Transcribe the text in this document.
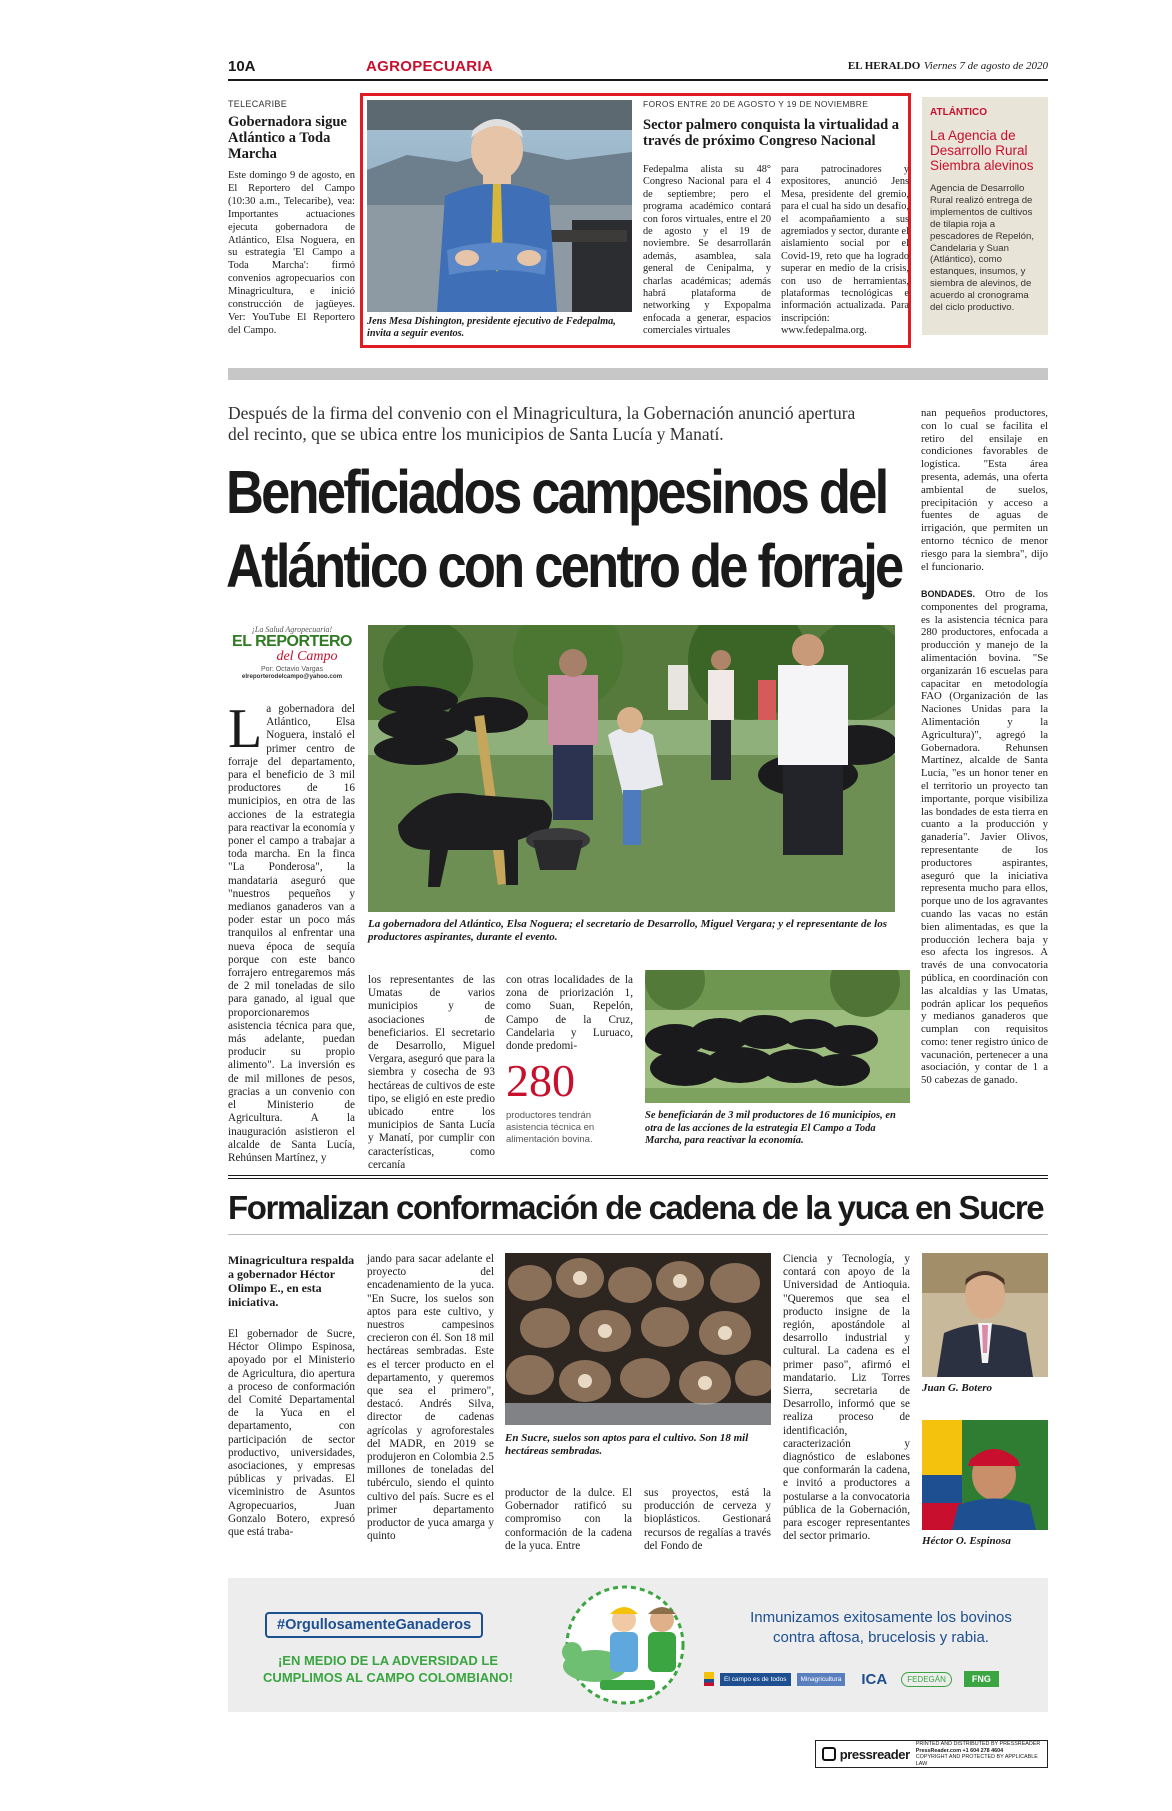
10A	AGROPECUARIA	EL HERALDO Viernes 7 de agosto de 2020
TELECARIBE
Gobernadora sigue Atlántico a Toda Marcha
Este domingo 9 de agosto, en El Reportero del Campo (10:30 a.m., Telecaribe), vea: Importantes actuaciones ejecuta gobernadora de Atlántico, Elsa Noguera, en su estrategia 'El Campo a Toda Marcha': firmó convenios agropecuarios con Minagricultura, e inició construcción de jagüeyes. Ver: YouTube El Reportero del Campo.
Jens Mesa Dishington, presidente ejecutivo de Fedepalma, invita a seguir eventos.
FOROS ENTRE 20 DE AGOSTO Y 19 DE NOVIEMBRE
Sector palmero conquista la virtualidad a través de próximo Congreso Nacional
Fedepalma alista su 48° Congreso Nacional para el 4 de septiembre; pero el programa académico contará con foros virtuales, entre el 20 de agosto y el 19 de noviembre. Se desarrollarán además, asamblea, sala general de Cenipalma, y charlas académicas; además habrá plataforma de networking y Expopalma enfocada a generar, espacios comerciales virtuales
para patrocinadores y expositores, anunció Jens Mesa, presidente del gremio, para el cual ha sido un desafío, el acompañamiento a sus agremiados y sector, durante el aislamiento social por el Covid-19, reto que ha logrado superar en medio de la crisis, con uso de herramientas, plataformas tecnológicas e información actualizada. Para inscripción: www.fedepalma.org.
ATLÁNTICO
La Agencia de Desarrollo Rural Siembra alevinos
Agencia de Desarrollo Rural realizó entrega de implementos de cultivos de tilapia roja a pescadores de Repelón, Candelaria y Suan (Atlántico), como estanques, insumos, y siembra de alevinos, de acuerdo al cronograma del ciclo productivo.
Después de la firma del convenio con el Minagricultura, la Gobernación anunció apertura del recinto, que se ubica entre los municipios de Santa Lucía y Manatí.
Beneficiados campesinos del
Atlántico con centro de forraje
¡La Salud Agropecuaria!
EL REPORTERO
del Campo
Por: Octavio Vargas
elreporterodelcampo@yahoo.com
L a gobernadora del Atlántico, Elsa Noguera, instaló el primer centro de forraje del departamento, para el beneficio de 3 mil productores de 16 municipios, en otra de las acciones de la estrategia para reactivar la economía y poner el campo a trabajar a toda marcha. En la finca "La Ponderosa", la mandataria aseguró que "nuestros pequeños y medianos ganaderos van a poder estar un poco más tranquilos al enfrentar una nueva época de sequía porque con este banco forrajero entregaremos más de 2 mil toneladas de silo para ganado, al igual que proporcionaremos asistencia técnica para que, más adelante, puedan producir su propio alimento". La inversión es de mil millones de pesos, gracias a un convenio con el Ministerio de Agricultura. A la inauguración asistieron el alcalde de Santa Lucía, Rehúnsen Martínez, y
La gobernadora del Atlántico, Elsa Noguera; el secretario de Desarrollo, Miguel Vergara; y el representante de los productores aspirantes, durante el evento.
los representantes de las Umatas de varios municipios y de asociaciones de beneficiarios. El secretario de Desarrollo, Miguel Vergara, aseguró que para la siembra y cosecha de 93 hectáreas de cultivos de este tipo, se eligió en este predio ubicado entre los municipios de Santa Lucía y Manatí, por cumplir con características, como cercanía
con otras localidades de la zona de priorización 1, como Suan, Repelón, Campo de la Cruz, Candelaria y Luruaco, donde predomi-
280
productores tendrán asistencia técnica en alimentación bovina.
Se beneficiarán de 3 mil productores de 16 municipios, en otra de las acciones de la estrategia El Campo a Toda Marcha, para reactivar la economía.
nan pequeños productores, con lo cual se facilita el retiro del ensilaje en condiciones favorables de logística. "Esta área presenta, además, una oferta ambiental de suelos, precipitación y acceso a fuentes de aguas de irrigación, que permiten un entorno técnico de menor riesgo para la siembra", dijo el funcionario.
BONDADES. Otro de los componentes del programa, es la asistencia técnica para 280 productores, enfocada a producción y manejo de la alimentación bovina. "Se organizarán 16 escuelas para capacitar en metodología FAO (Organización de las Naciones Unidas para la Alimentación y la Agricultura)", agregó la Gobernadora. Rehunsen Martínez, alcalde de Santa Lucía, "es un honor tener en el territorio un proyecto tan importante, porque visibiliza las bondades de esta tierra en cuanto a la producción y ganadería". Javier Olivos, representante de los productores aspirantes, aseguró que la iniciativa representa mucho para ellos, porque uno de los agravantes cuando las vacas no están bien alimentadas, es que la producción lechera baja y eso afecta los ingresos. A través de una convocatoria pública, en coordinación con las alcaldías y las Umatas, podrán aplicar los pequeños y medianos ganaderos que cumplan con requisitos como: tener registro único de vacunación, pertenecer a una asociación, y contar de 1 a 50 cabezas de ganado.
Formalizan conformación de cadena de la yuca en Sucre
Minagricultura respalda a gobernador Héctor Olimpo E., en esta iniciativa.
El gobernador de Sucre, Héctor Olimpo Espinosa, apoyado por el Ministerio de Agricultura, dio apertura a proceso de conformación del Comité Departamental de la Yuca en el departamento, con participación de sector productivo, universidades, asociaciones, y empresas públicas y privadas. El viceministro de Asuntos Agropecuarios, Juan Gonzalo Botero, expresó que está traba-
jando para sacar adelante el proyecto del encadenamiento de la yuca. "En Sucre, los suelos son aptos para este cultivo, y nuestros campesinos crecieron con él. Son 18 mil hectáreas sembradas. Este es el tercer producto en el departamento, y queremos que sea el primero", destacó. Andrés Silva, director de cadenas agrícolas y agroforestales del MADR, en 2019 se produjeron en Colombia 2.5 millones de toneladas del tubérculo, siendo el quinto cultivo del país. Sucre es el primer departamento productor de yuca amarga y quinto
En Sucre, suelos son aptos para el cultivo. Son 18 mil hectáreas sembradas.
productor de la dulce. El Gobernador ratificó su compromiso con la conformación de la cadena de la yuca. Entre
sus proyectos, está la producción de cerveza y bioplásticos. Gestionará recursos de regalías a través del Fondo de
Ciencia y Tecnología, y contará con apoyo de la Universidad de Antioquia. "Queremos que sea el producto insigne de la región, apostándole al desarrollo industrial y cultural. La cadena es el primer paso", afirmó el mandatario. Liz Torres Sierra, secretaria de Desarrollo, informó que se realiza proceso de identificación, caracterización y diagnóstico de eslabones que conformarán la cadena, e invitó a productores a postularse a la convocatoria pública de la Gobernación, para escoger representantes del sector primario.
Juan G. Botero
Héctor O. Espinosa
#OrgullosamenteGanaderos
¡EN MEDIO DE LA ADVERSIDAD LE
CUMPLIMOS AL CAMPO COLOMBIANO!
Inmunizamos exitosamente los bovinos
contra aftosa, brucelosis y rabia.
El campo es de todos	Minagricultura ICA	FEDEGÁN	FNG
pressreader
PRINTED AND DISTRIBUTED BY PRESSREADER
PressReader.com +1 604 278 4604
COPYRIGHT AND PROTECTED BY APPLICABLE LAW
